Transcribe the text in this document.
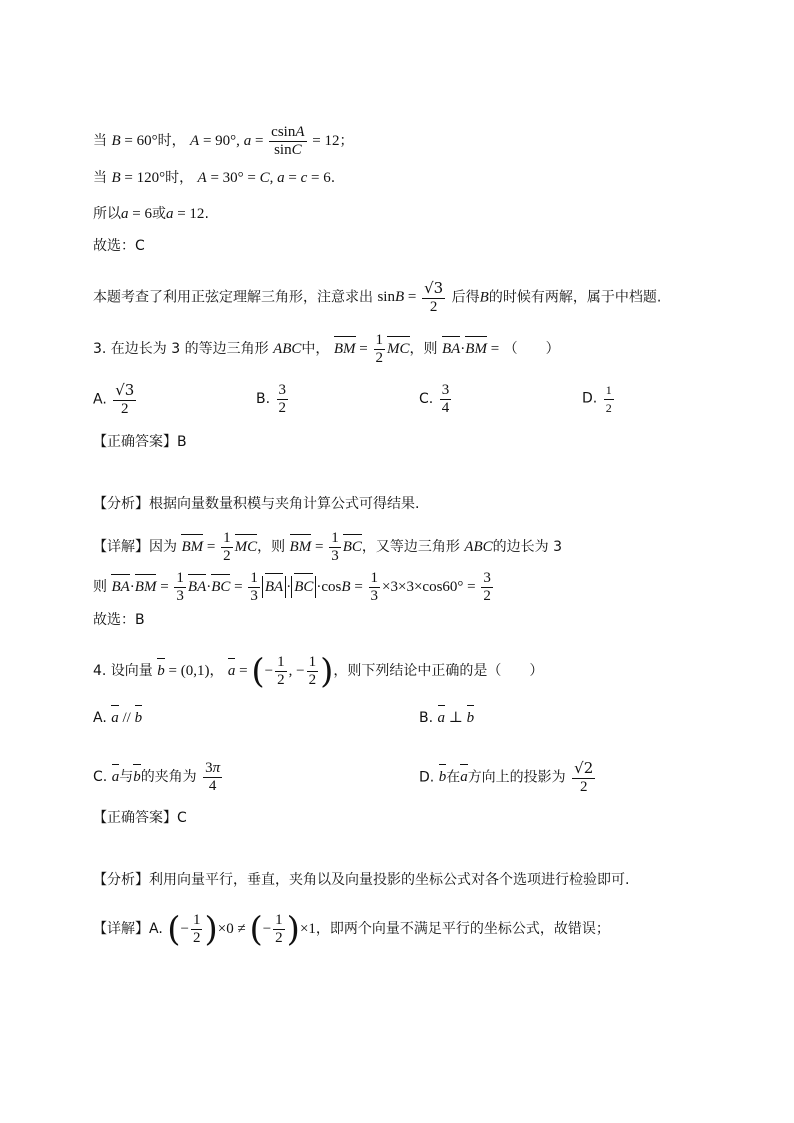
当 B = 60°时， A = 90°, $a = \frac{csinA}{\sin C} = 12$；
当 B = 120°时， A = 30° = C, a = c = 6.
所以a = 6或a = 12.
故选：C
本题考查了利用正弦定理解三角形，注意求出 $\sin B = \frac{√3}{2}$ 后得B的时候有两解，属于中档题.
3. 在边长为 3 的等边三角形 ABC中， BM = $\frac{1}{2}$ MC，则 BA·BM = （　　）
A. $\frac{√3}{2}$	B. $\frac{3}{2}$	C. $\frac{3}{4}$	D. $\frac{1}{2}$
【正确答案】B
【分析】根据向量数量积模与夹角计算公式可得结果.
【详解】因为 BM = $\frac{1}{2}$ MC，则 BM = $\frac{1}{3}$ BC，又等边三角形 ABC的边长为 3
则 $BA\cdot BM = \frac{1}{3} BA\cdot BC = \frac{1}{3}$ BA · BC $\cdot\cos B = \frac{1}{3} \times 3\times 3\times\cos 60^\circ = \frac{3}{2}$
故选：B
4. 设向量 b = (0,1)， a = (− $\frac{1}{2}$ , − $\frac{1}{2}$ )，则下列结论中正确的是（　　）
A. a // b	B. a ⊥ b
C. a与b的夹角为 $\frac{3\pi}{4}$	D. b在a方向上的投影为 $\frac{√2}{2}$
【正确答案】C
【分析】利用向量平行，垂直，夹角以及向量投影的坐标公式对各个选项进行检验即可.
【详解】A. (− $\frac{1}{2} )\times 0$ ≠ (− $\frac{1}{2} )\times 1$，即两个向量不满足平行的坐标公式，故错误；
